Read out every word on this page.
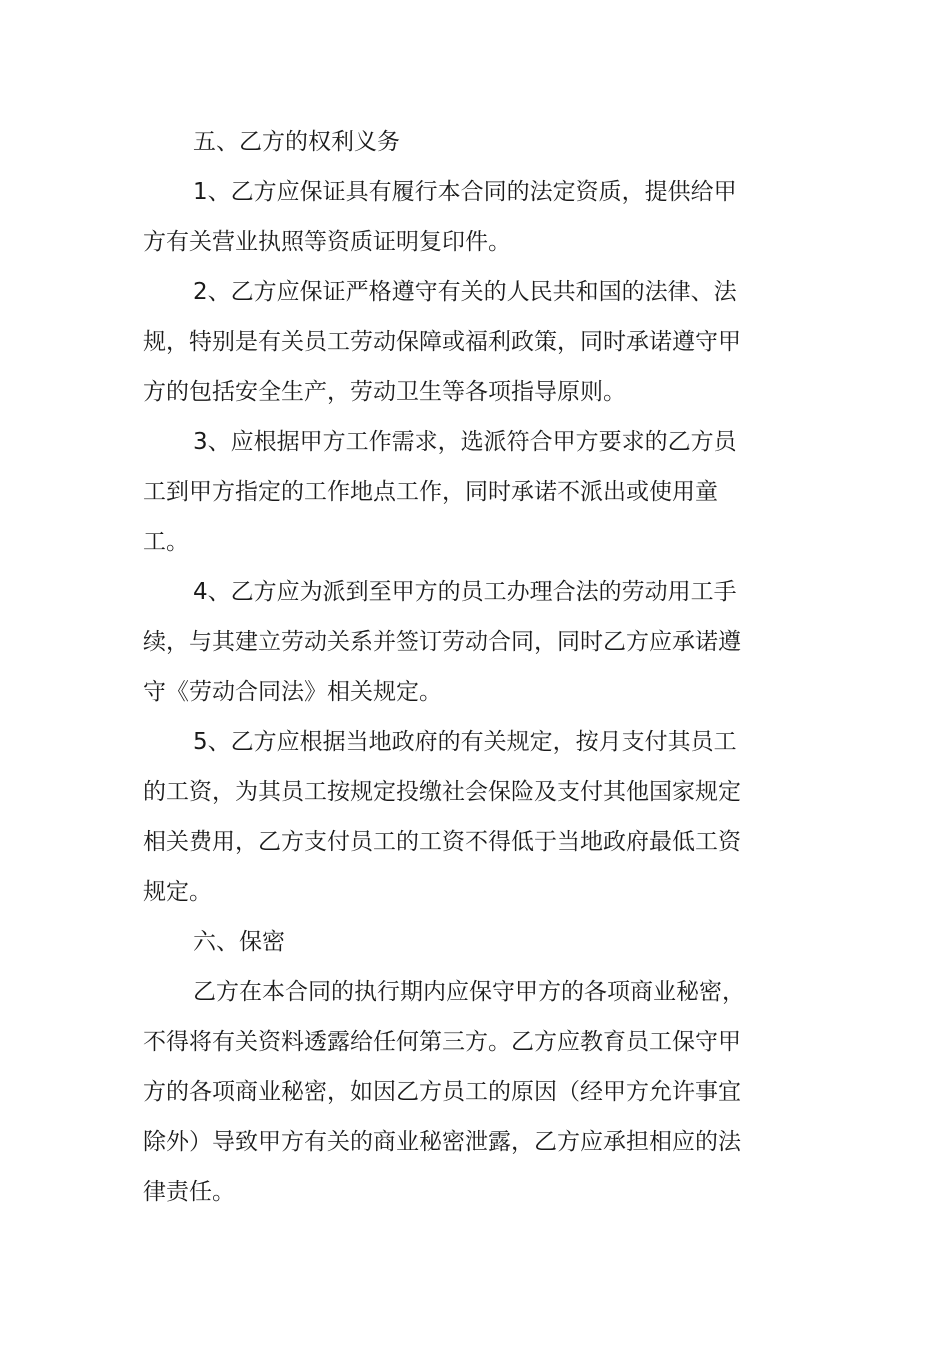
五、乙方的权利义务
1、乙方应保证具有履行本合同的法定资质，提供给甲
方有关营业执照等资质证明复印件。
2、乙方应保证严格遵守有关的人民共和国的法律、法
规，特别是有关员工劳动保障或福利政策，同时承诺遵守甲
方的包括安全生产，劳动卫生等各项指导原则。
3、应根据甲方工作需求，选派符合甲方要求的乙方员
工到甲方指定的工作地点工作，同时承诺不派出或使用童
工。
4、乙方应为派到至甲方的员工办理合法的劳动用工手
续，与其建立劳动关系并签订劳动合同，同时乙方应承诺遵
守《劳动合同法》相关规定。
5、乙方应根据当地政府的有关规定，按月支付其员工
的工资，为其员工按规定投缴社会保险及支付其他国家规定
相关费用，乙方支付员工的工资不得低于当地政府最低工资
规定。
六、保密
乙方在本合同的执行期内应保守甲方的各项商业秘密，
不得将有关资料透露给任何第三方。乙方应教育员工保守甲
方的各项商业秘密，如因乙方员工的原因（经甲方允许事宜
除外）导致甲方有关的商业秘密泄露，乙方应承担相应的法
律责任。
